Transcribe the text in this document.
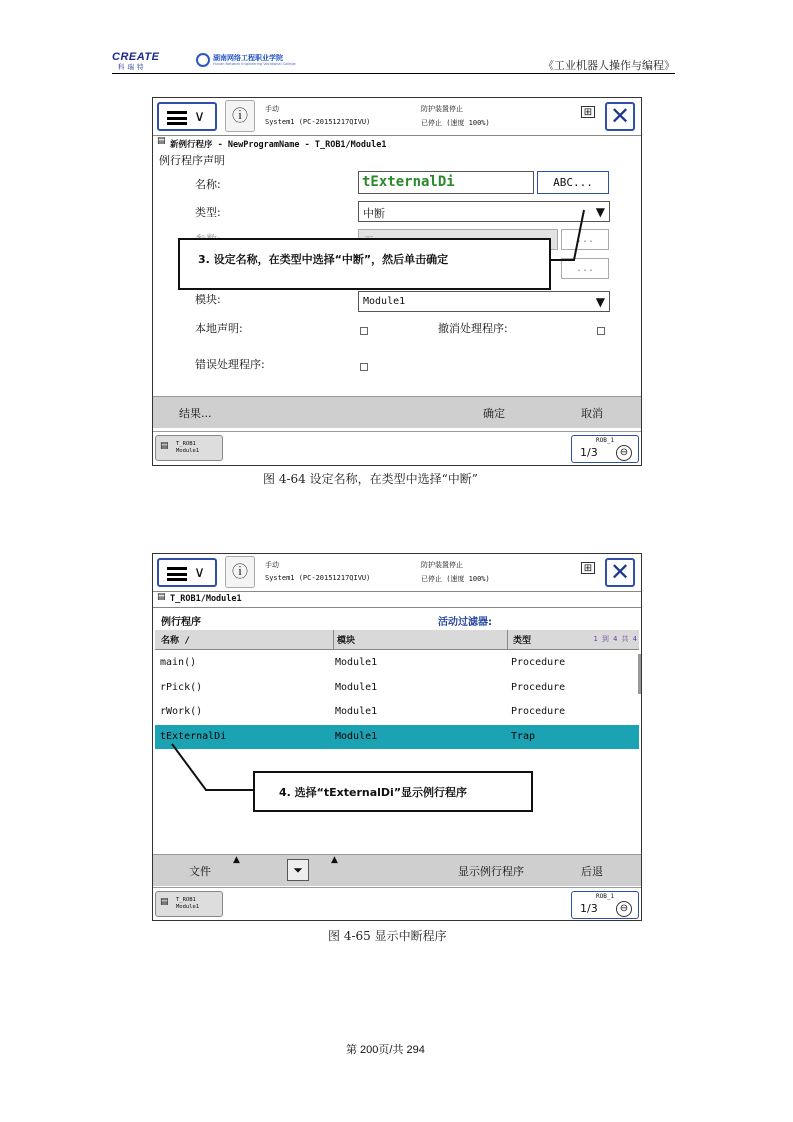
CREATE
科瑞特
湖南网络工程职业学院
Hunan Network Engineering Vocational College	《工业机器人操作与编程》
∨	ⓘ	手动
System1 (PC-20151217QIVU)
防护装置停止
已停止 (速度 100%)
⊞ ✕
▤ 新例行程序 - NewProgramName - T_ROB1/Module1
例行程序声明
名称:	tExternalDi	ABC...
类型:	中断	▼
...
...
模块:	Module1	▼
本地声明:	撤消处理程序:
错误处理程序:
结果...	确定	取消
▤ T_ROB1
Module1
ROB_1
1/3	⊖
3. 设定名称，在类型中选择“中断”，然后单击确定
图 4-64 设定名称，在类型中选择“中断”
∨	ⓘ	手动
System1 (PC-20151217QIVU)
防护装置停止
已停止 (速度 100%)
⊞ ✕
▤ T_ROB1/Module1
例行程序	活动过滤器:
名称 /	模块	类型	1 到 4 共 4
main()	Module1	Procedure
rPick()	Module1	Procedure
rWork()	Module1	Procedure
tExternalDi	Module1	Trap
文件
▲
⏷
▲
显示例行程序	后退
▤ T_ROB1
Module1
ROB_1
1/3	⊖
4. 选择“tExternalDi”显示例行程序
图 4-65 显示中断程序
第 200页/共 294
